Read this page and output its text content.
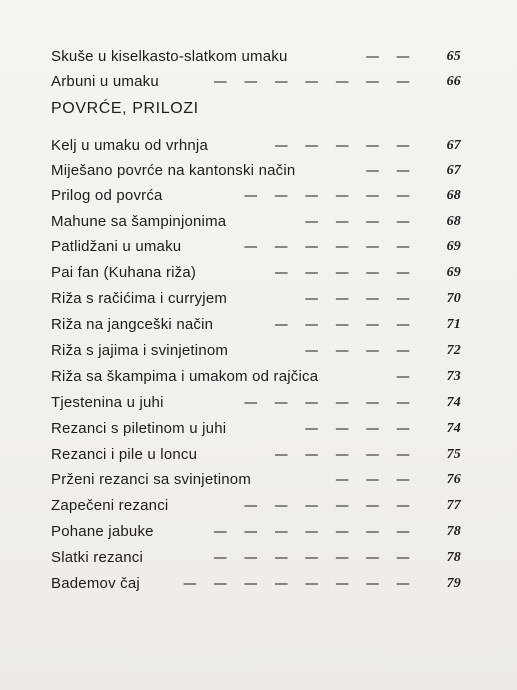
POVRĆE, PRILOZI
Skuše u kiselkasto-slatkom umaku	— —	65
Arbuni u umaku	— — — — — — —	66
Kelj u umaku od vrhnja	— — — — —	67
Miješano povrće na kantonski način	— —	67
Prilog od povrća	— — — — — —	68
Mahune sa šampinjonima	— — — —	68
Patlidžani u umaku	— — — — — —	69
Pai fan (Kuhana riža)	— — — — —	69
Riža s račićima i curryjem	— — — —	70
Riža na jangceški način	— — — — —	71
Riža s jajima i svinjetinom	— — — —	72
Riža sa škampima i umakom od rajčica	—	73
Tjestenina u juhi	— — — — — —	74
Rezanci s piletinom u juhi	— — — —	74
Rezanci i pile u loncu	— — — — —	75
Prženi rezanci sa svinjetinom	— — —	76
Zapečeni rezanci	— — — — — —	77
Pohane jabuke	— — — — — — —	78
Slatki rezanci	— — — — — — —	78
Bademov čaj	— — — — — — — —	79
